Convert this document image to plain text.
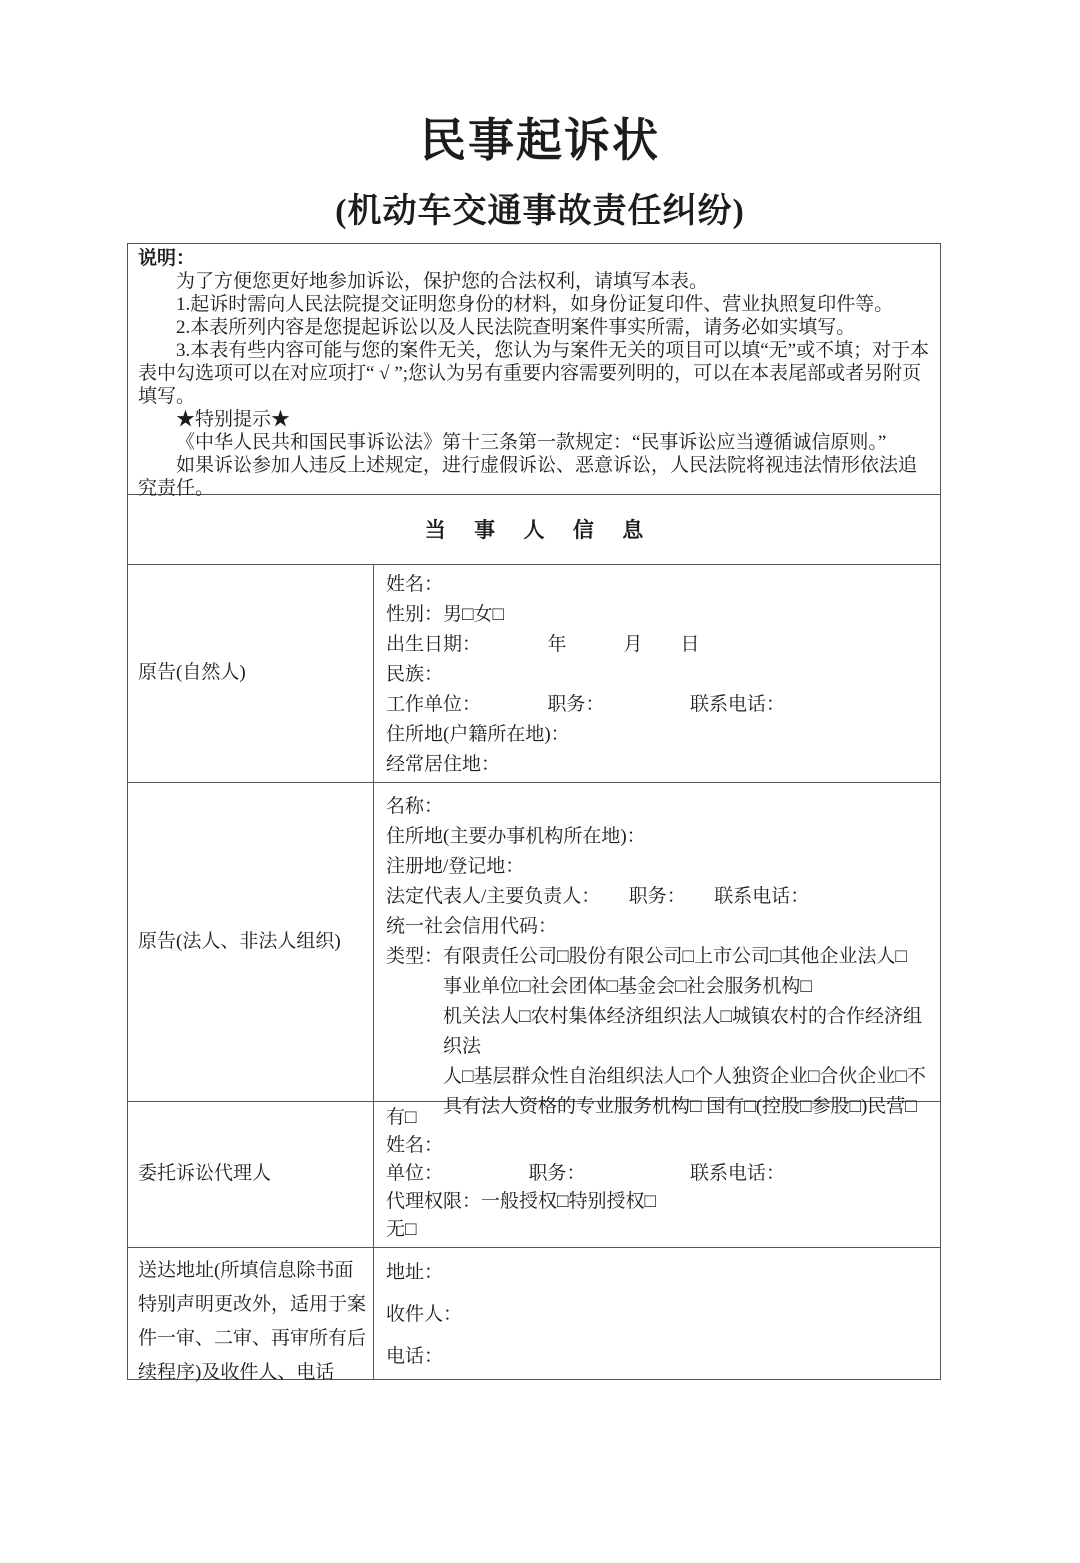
民事起诉状
(机动车交通事故责任纠纷)
说明：

为了方便您更好地参加诉讼，保护您的合法权利，请填写本表。

1.起诉时需向人民法院提交证明您身份的材料，如身份证复印件、营业执照复印件等。

2.本表所列内容是您提起诉讼以及人民法院查明案件事实所需，请务必如实填写。

3.本表有些内容可能与您的案件无关，您认为与案件无关的项目可以填“无”或不填；对于本表中勾选项可以在对应项打“ √ ”;您认为另有重要内容需要列明的，可以在本表尾部或者另附页填写。

★特别提示★

《中华人民共和国民事诉讼法》第十三条第一款规定：“民事诉讼应当遵循诚信原则。”

如果诉讼参加人违反上述规定，进行虚假诉讼、恶意诉讼，人民法院将视违法情形依法追究责任。

当 事 人 信 息
原告(自然人)
姓名：
性别：男□女□
出生日期：　　　　年　　　月　　日
民族：
工作单位：　　　　职务：　　　　　联系电话：
住所地(户籍所在地)：
经常居住地：
原告(法人、非法人组织)
名称：
住所地(主要办事机构所在地)：
注册地/登记地：
法定代表人/主要负责人：　　职务：　　联系电话：
统一社会信用代码：
类型：有限责任公司□股份有限公司□上市公司□其他企业法人□
事业单位□社会团体□基金会□社会服务机构□
机关法人□农村集体经济组织法人□城镇农村的合作经济组织法
人□基层群众性自治组织法人□个人独资企业□合伙企业□不
具有法人资格的专业服务机构□ 国有□(控股□参股□)民营□
委托诉讼代理人
有□
姓名：
单位：　　　　　职务：　　　　　　联系电话：
代理权限：一般授权□特别授权□
无□
送达地址(所填信息除书面特别声明更改外，适用于案件一审、二审、再审所有后续程序)及收件人、电话
地址：
收件人：
电话：
